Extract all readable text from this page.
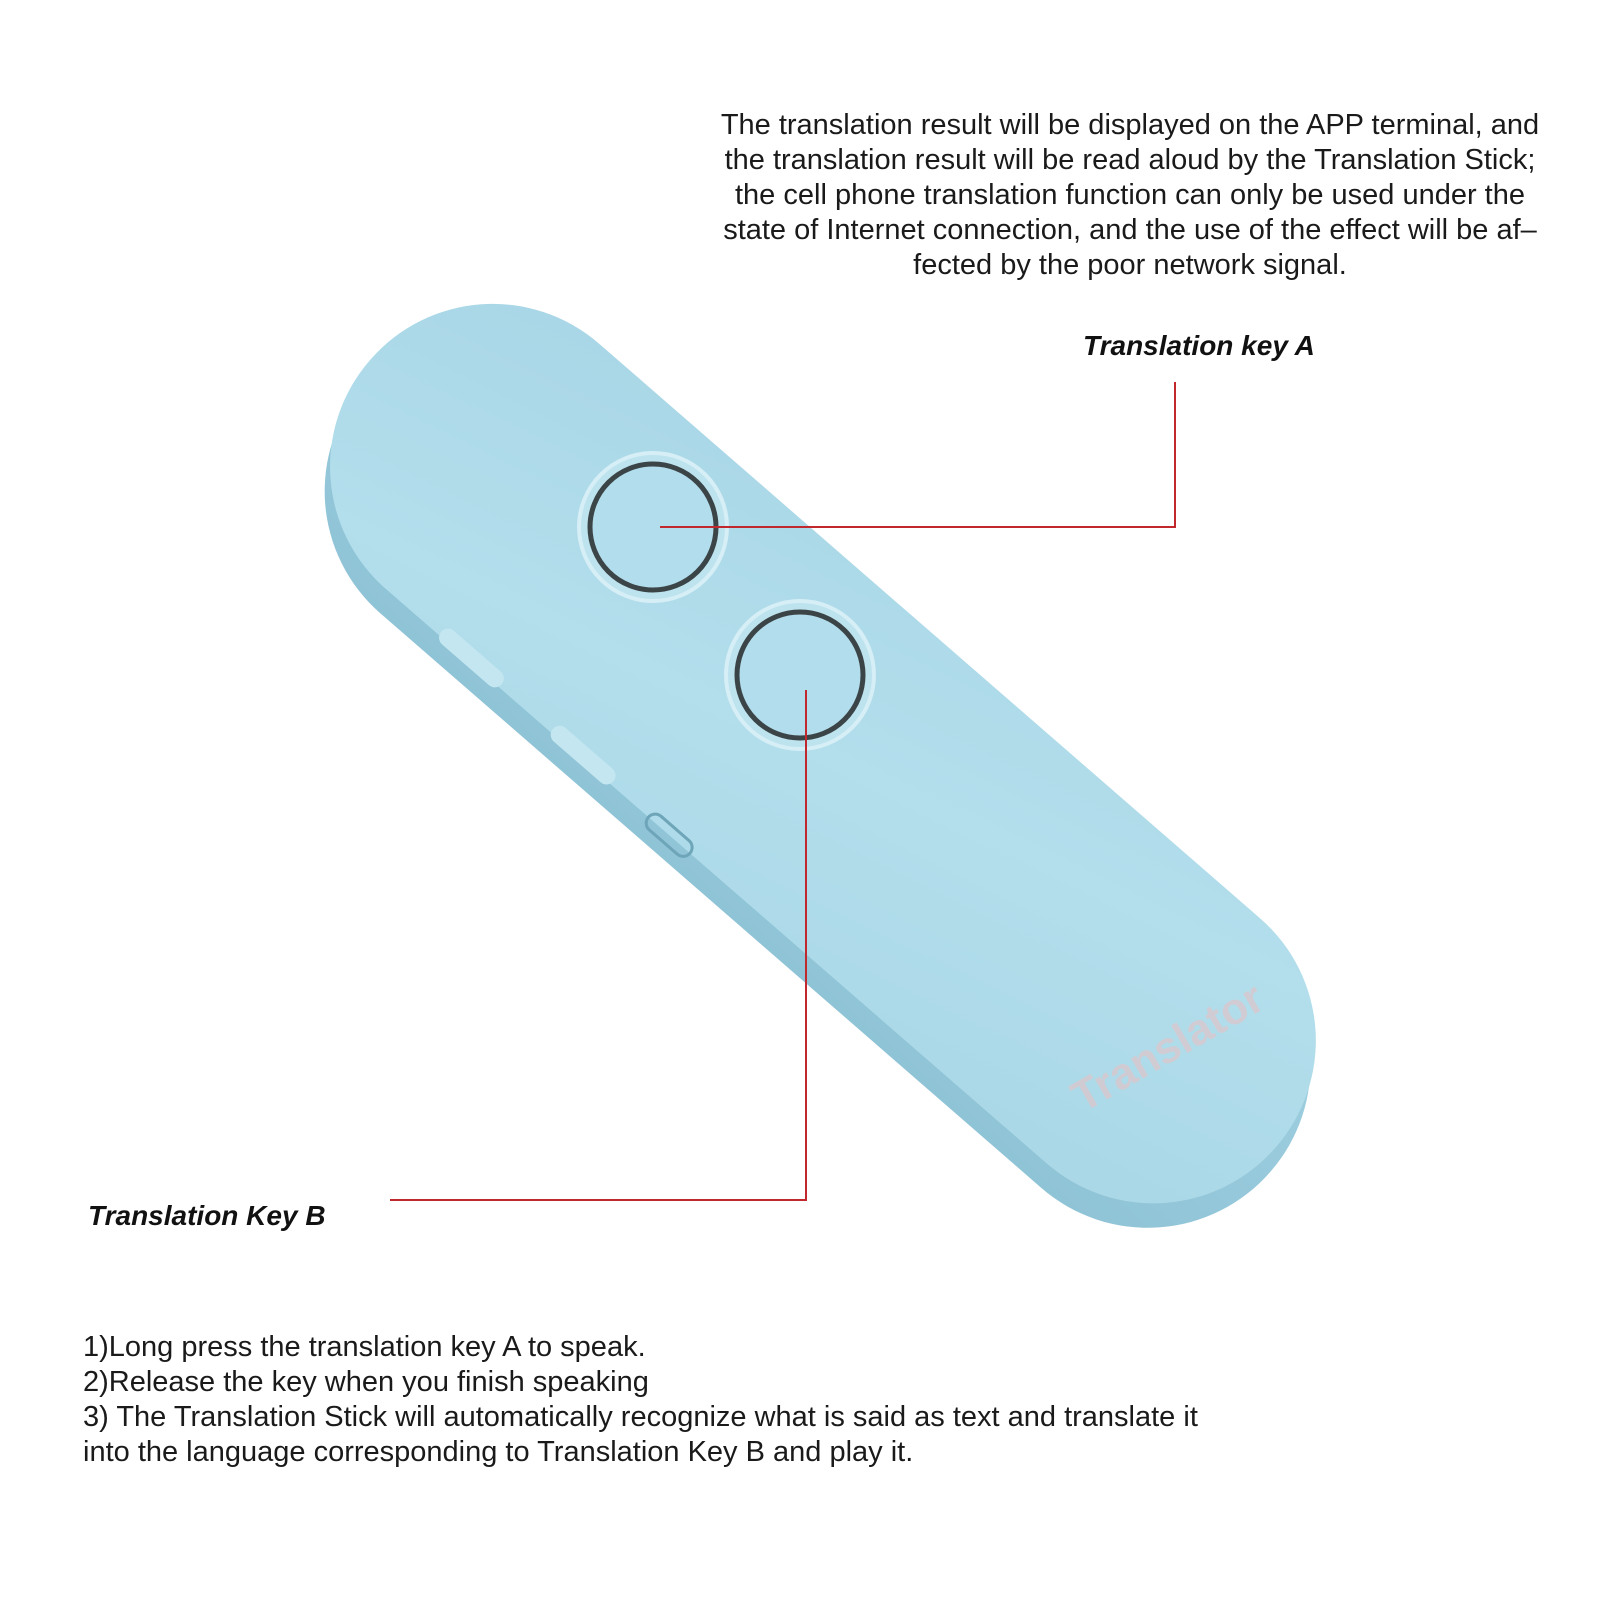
Translator

The translation result will be displayed on the APP terminal, and
the translation result will be read aloud by the Translation Stick;
the cell phone translation function can only be used under the
state of Internet connection, and the use of the effect will be af–
fected by the poor network signal.

Translation key A
Translation Key B

1)Long press the translation key A to speak.
2)Release the key when you finish speaking
3) The Translation Stick will automatically recognize what is said as text and translate it
into the language corresponding to Translation Key B and play it.
